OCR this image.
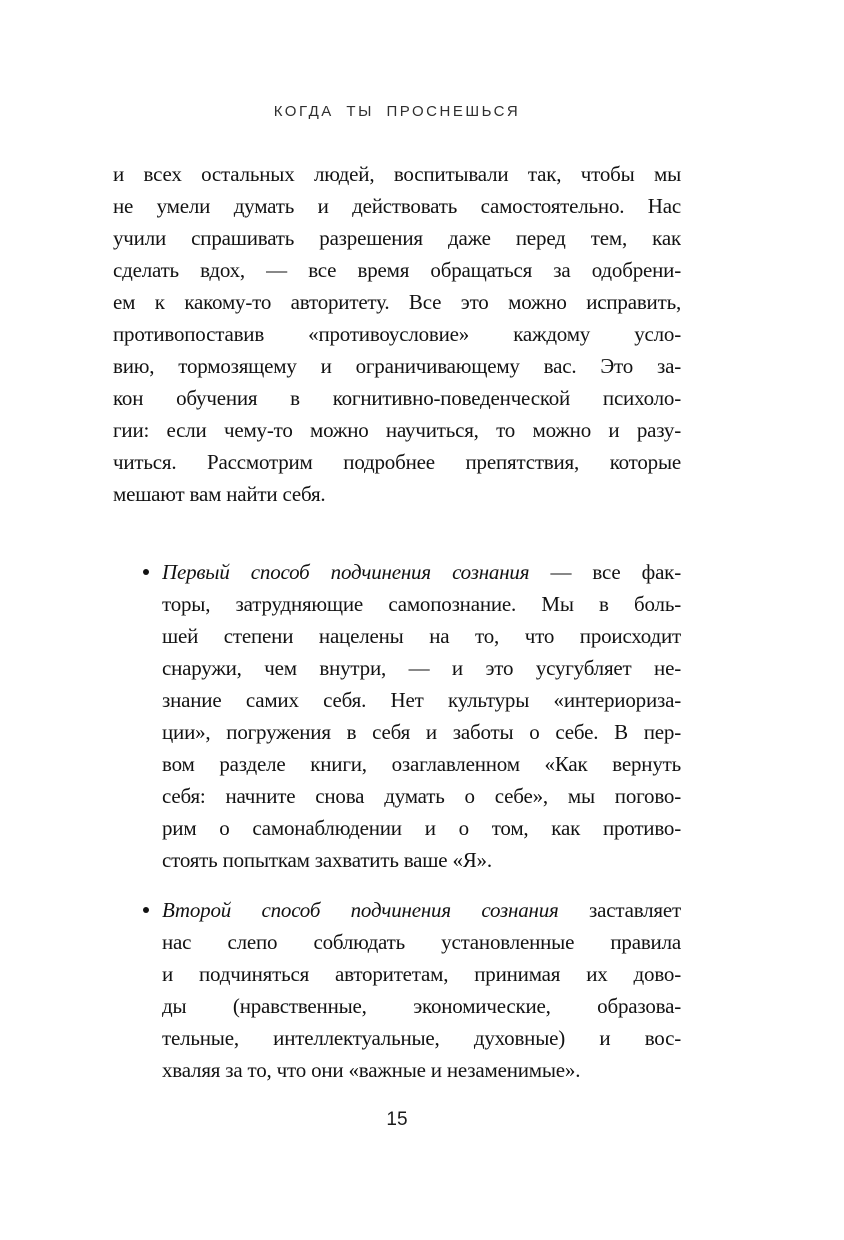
КОГДА ТЫ ПРОСНЕШЬСЯ
и всех остальных людей, воспитывали так, чтобы мы
не умели думать и действовать самостоятельно. Нас
учили спрашивать разрешения даже перед тем, как
сделать вдох, — все время обращаться за одобрени-
ем к какому-то авторитету. Все это можно исправить,
противопоставив «противоусловие» каждому усло-
вию, тормозящему и ограничивающему вас. Это за-
кон обучения в когнитивно-поведенческой психоло-
гии: если чему-то можно научиться, то можно и разу-
читься. Рассмотрим подробнее препятствия, которые
мешают вам найти себя.
Первый способ подчинения сознания — все фак-
торы, затрудняющие самопознание. Мы в боль-
шей степени нацелены на то, что происходит
снаружи, чем внутри, — и это усугубляет не-
знание самих себя. Нет культуры «интериориза-
ции», погружения в себя и заботы о себе. В пер-
вом разделе книги, озаглавленном «Как вернуть
себя: начните снова думать о себе», мы погово-
рим о самонаблюдении и о том, как противо-
стоять попыткам захватить ваше «Я».
Второй способ подчинения сознания заставляет
нас слепо соблюдать установленные правила
и подчиняться авторитетам, принимая их дово-
ды (нравственные, экономические, образова-
тельные, интеллектуальные, духовные) и вос-
хваляя за то, что они «важные и незаменимые».
15
